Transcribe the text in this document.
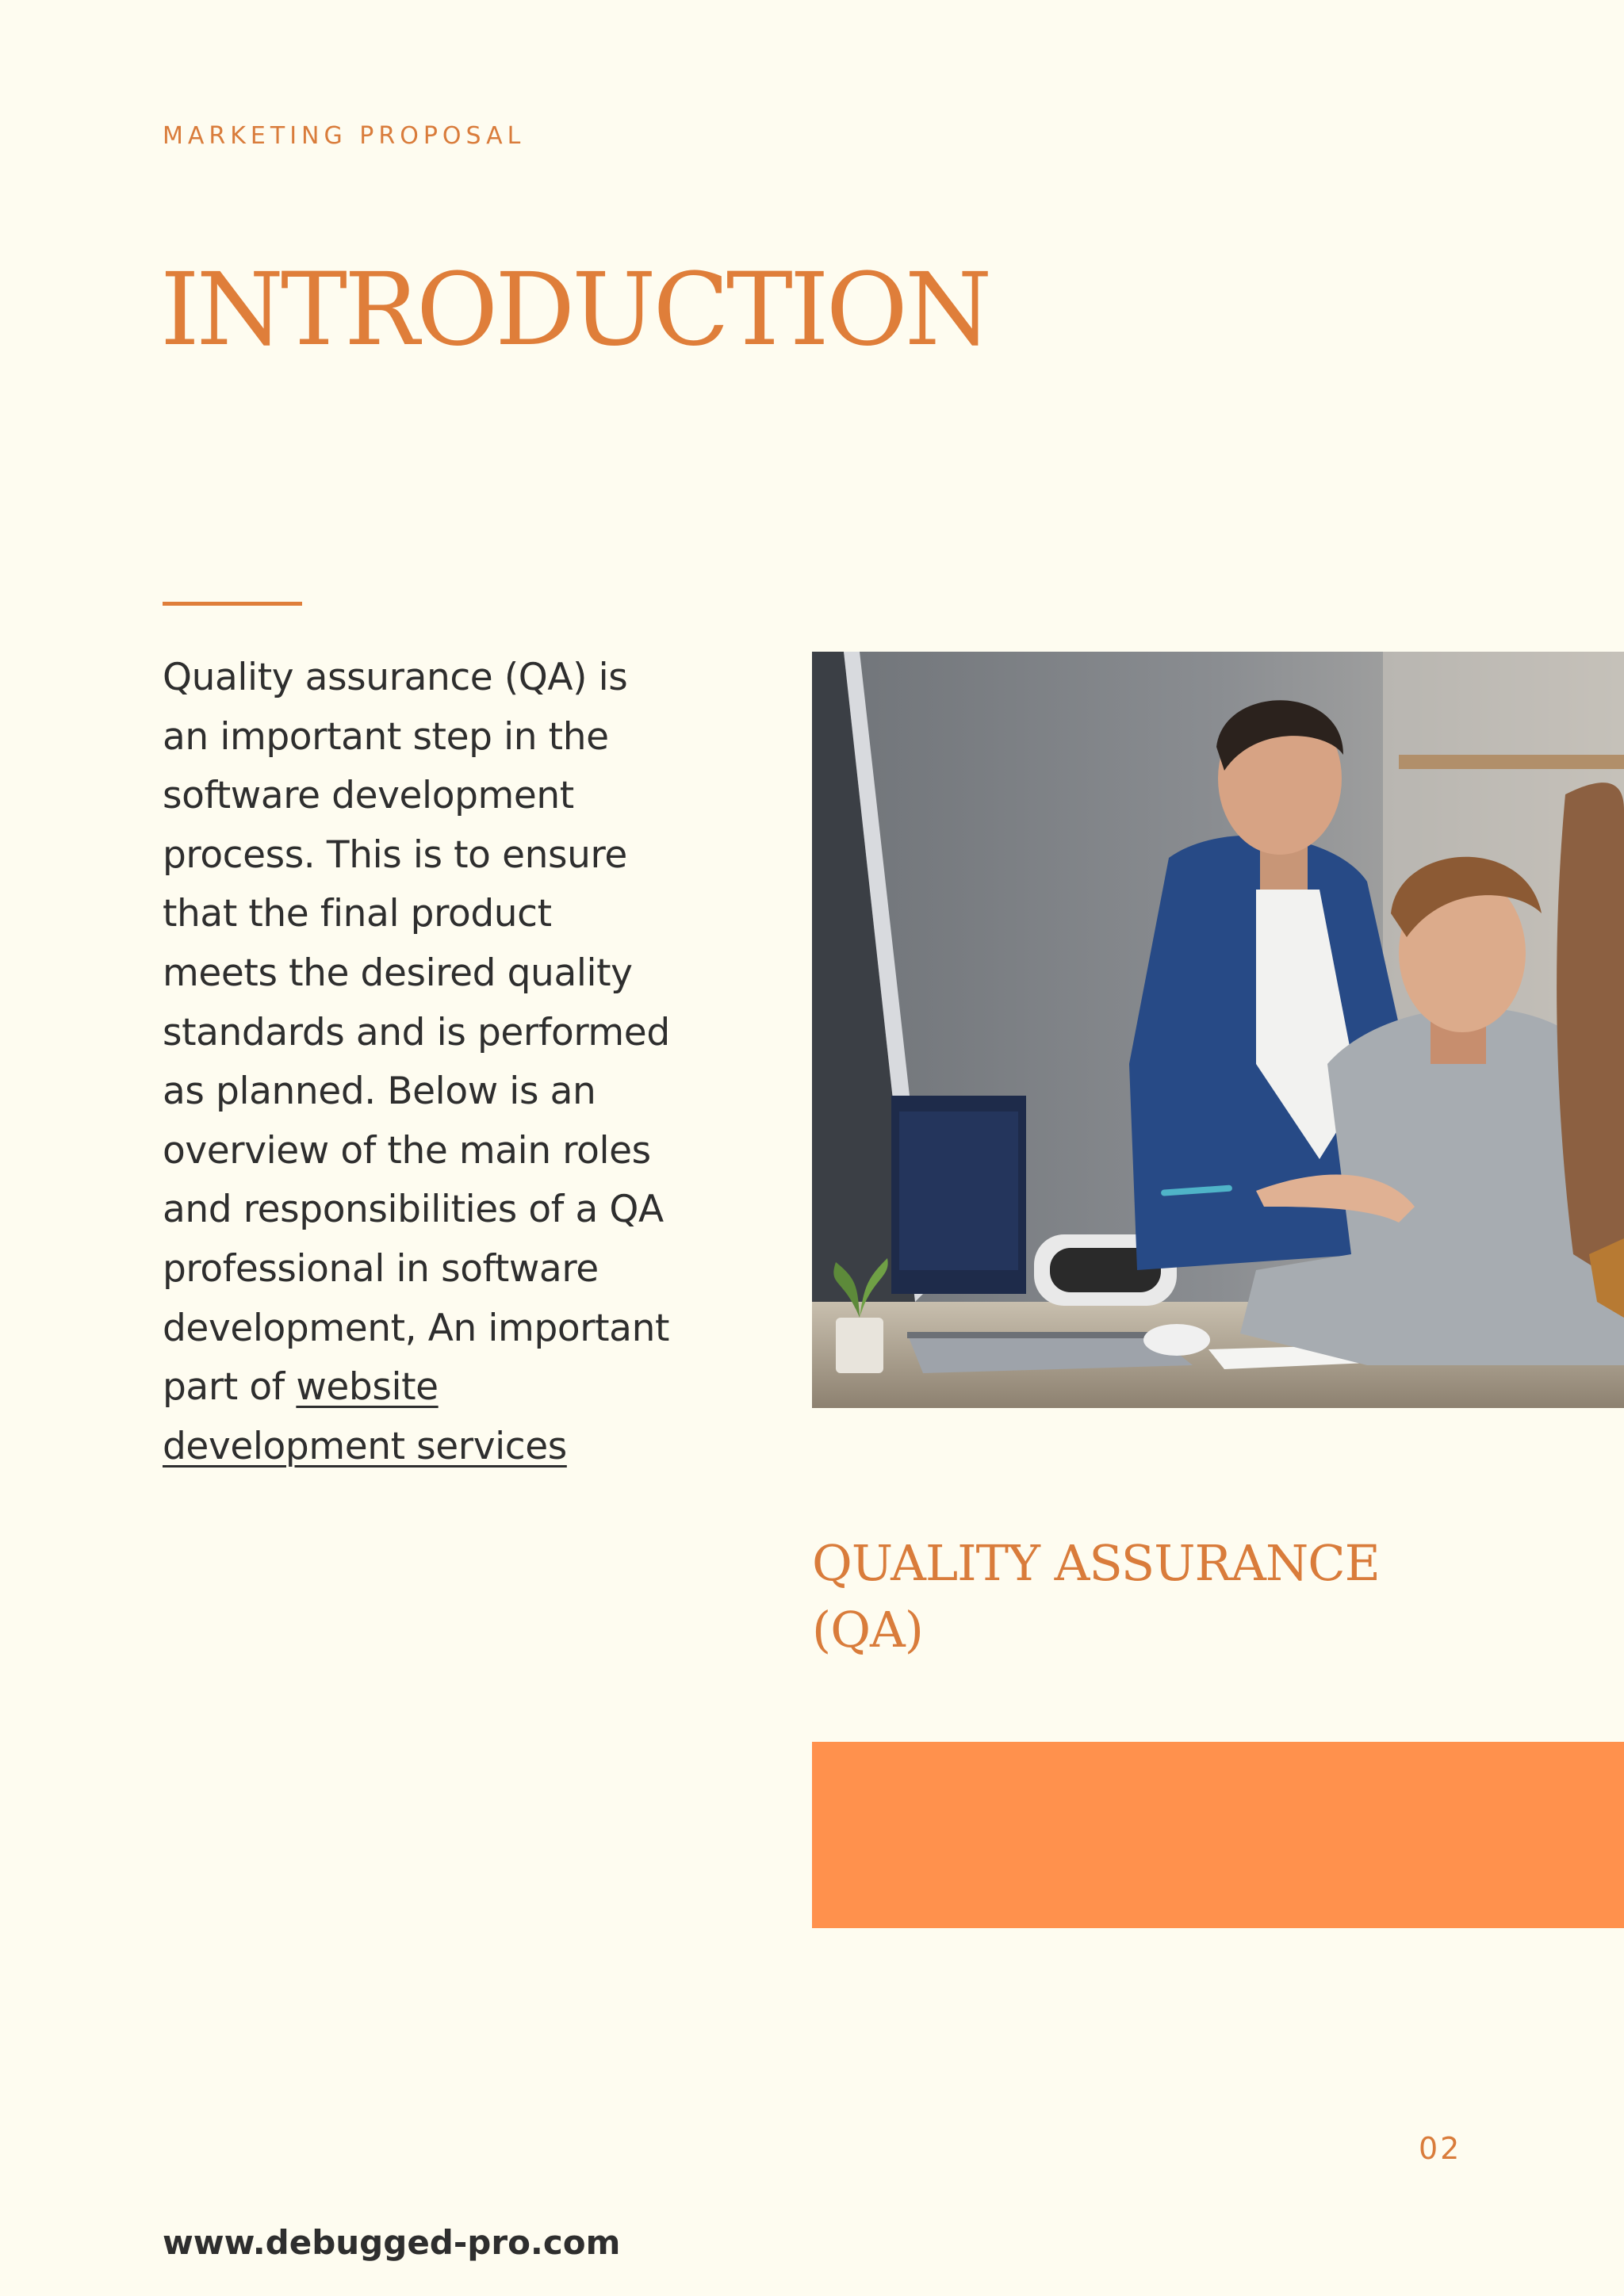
MARKETING PROPOSAL
INTRODUCTION

Quality assurance (QA) is
an important step in the
software development
process. This is to ensure
that the final product
meets the desired quality
standards and is performed
as planned. Below is an
overview of the main roles
and responsibilities of a QA
professional in software
development, An important
part of website
development services

QUALITY ASSURANCE
(QA)
02
www.debugged-pro.com
